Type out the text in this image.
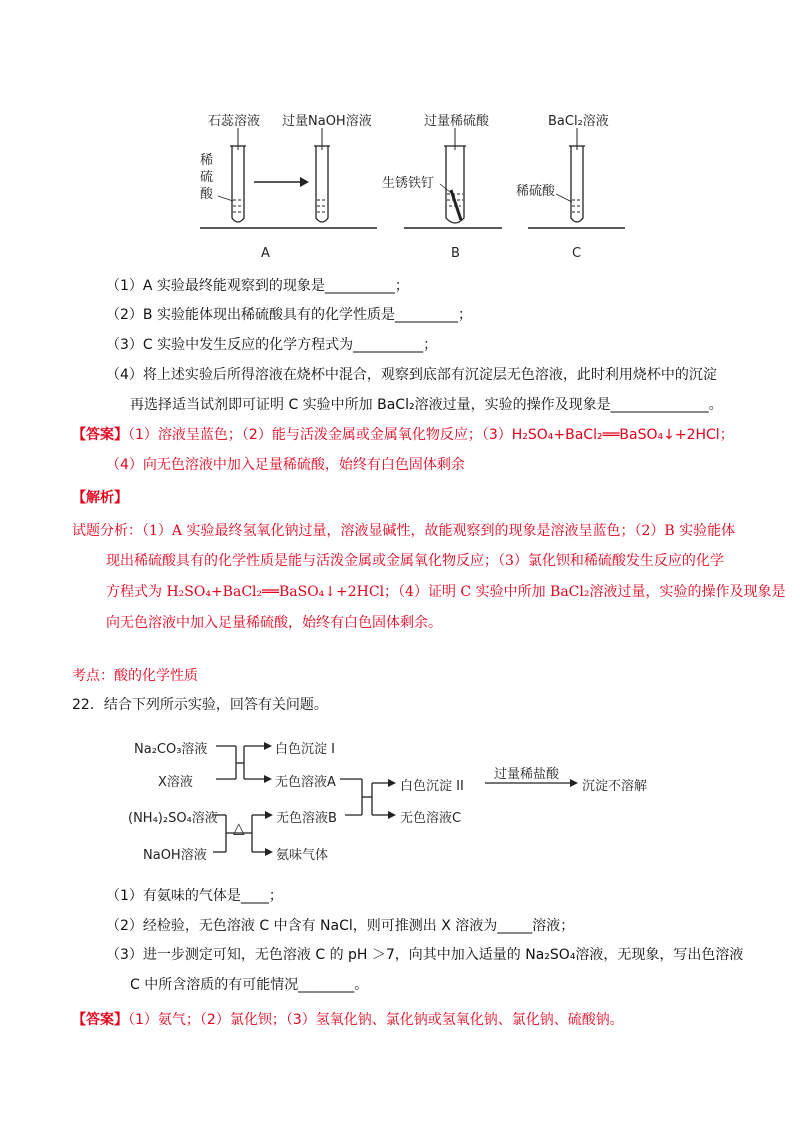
石蕊溶液 过量NaOH溶液	过量稀硫酸	BaCl₂溶液
稀
硫
酸
生锈铁钉
稀硫酸
A	B	C
（1）A 实验最终能观察到的现象是__________；
（2）B 实验能体现出稀硫酸具有的化学性质是_________；
（3）C 实验中发生反应的化学方程式为__________；
（4）将上述实验后所得溶液在烧杯中混合，观察到底部有沉淀层无色溶液，此时利用烧杯中的沉淀
再选择适当试剂即可证明 C 实验中所加 BaCl₂溶液过量，实验的操作及现象是______________。
【答案】（1）溶液呈蓝色；（2）能与活泼金属或金属氧化物反应；（3）H₂SO₄+BaCl₂══BaSO₄↓+2HCl；
（4）向无色溶液中加入足量稀硫酸，始终有白色固体剩余
【解析】
试题分析：（1）A 实验最终氢氧化钠过量，溶液显碱性，故能观察到的现象是溶液呈蓝色；（2）B 实验能体
现出稀硫酸具有的化学性质是能与活泼金属或金属氧化物反应；（3）氯化钡和稀硫酸发生反应的化学
方程式为 H₂SO₄+BaCl₂══BaSO₄↓+2HCl；（4）证明 C 实验中所加 BaCl₂溶液过量，实验的操作及现象是
向无色溶液中加入足量稀硫酸，始终有白色固体剩余。
考点：酸的化学性质
22．结合下列所示实验，回答有关问题。
Na₂CO₃溶液
X溶液
(NH₄)₂SO₄溶液
NaOH溶液
白色沉淀 I
无色溶液A
无色溶液B
氨味气体
△
白色沉淀 II
无色溶液C
过量稀盐酸
沉淀不溶解
（1）有氨味的气体是____；
（2）经检验，无色溶液 C 中含有 NaCl，则可推测出 X 溶液为_____溶液；
（3）进一步测定可知，无色溶液 C 的 pH ＞7，向其中加入适量的 Na₂SO₄溶液，无现象，写出色溶液
C 中所含溶质的有可能情况________。
【答案】（1）氨气；（2）氯化钡；（3）氢氧化钠、氯化钠或氢氧化钠、氯化钠、硫酸钠。
